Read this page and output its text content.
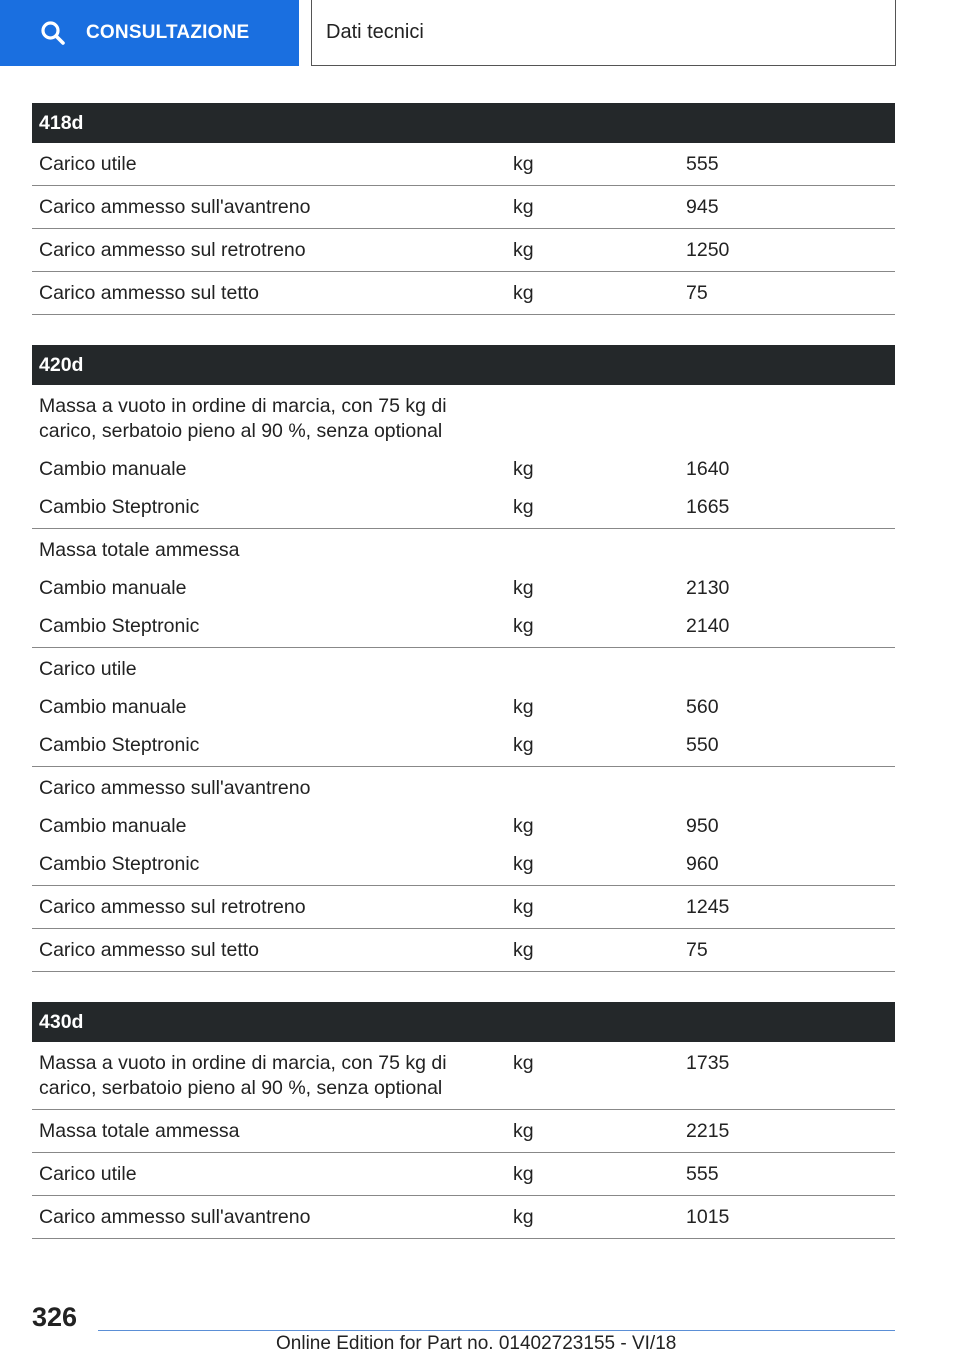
CONSULTAZIONE	Dati tecnici
418d		
Carico utile	kg	555
Carico ammesso sull'avantreno	kg	945
Carico ammesso sul retrotreno	kg	1250
Carico ammesso sul tetto	kg	75
420d		
Massa a vuoto in ordine di marcia, con 75 kg di carico, serbatoio pieno al 90 %, senza optional		
Cambio manuale	kg	1640
Cambio Steptronic	kg	1665
Massa totale ammessa		
Cambio manuale	kg	2130
Cambio Steptronic	kg	2140
Carico utile		
Cambio manuale	kg	560
Cambio Steptronic	kg	550
Carico ammesso sull'avantreno		
Cambio manuale	kg	950
Cambio Steptronic	kg	960
Carico ammesso sul retrotreno	kg	1245
Carico ammesso sul tetto	kg	75
430d		
Massa a vuoto in ordine di marcia, con 75 kg di carico, serbatoio pieno al 90 %, senza optional	kg	1735
Massa totale ammessa	kg	2215
Carico utile	kg	555
Carico ammesso sull'avantreno	kg	1015
326
Online Edition for Part no. 01402723155 - VI/18
